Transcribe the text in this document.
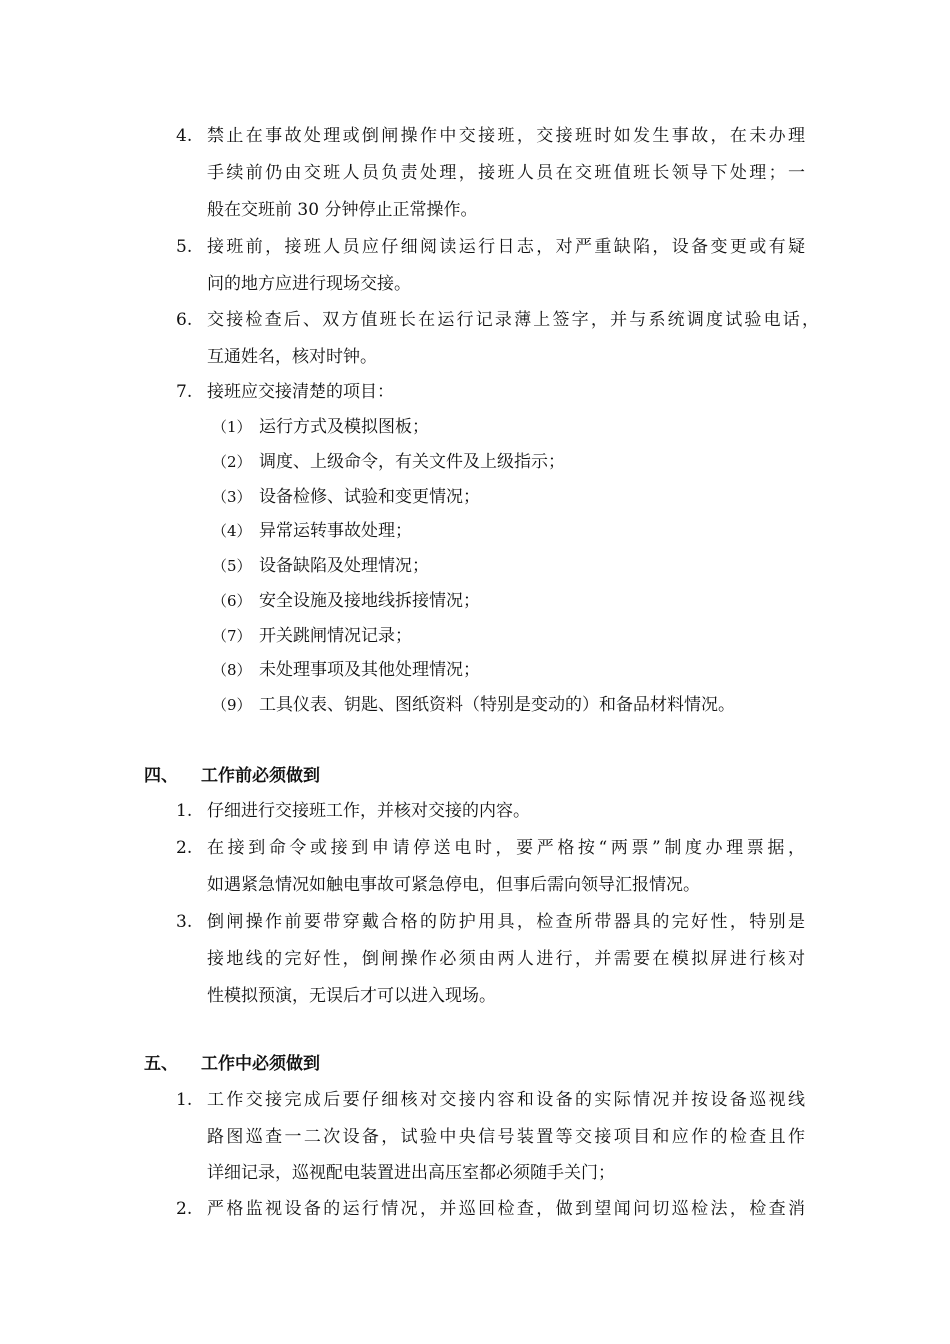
4. 禁止在事故处理或倒闸操作中交接班，交接班时如发生事故，在未办理
手续前仍由交班人员负责处理，接班人员在交班值班长领导下处理；一
般在交班前 30 分钟停止正常操作。
5. 接班前，接班人员应仔细阅读运行日志，对严重缺陷，设备变更或有疑
问的地方应进行现场交接。
6. 交接检查后、双方值班长在运行记录薄上签字，并与系统调度试验电话，
互通姓名，核对时钟。
7. 接班应交接清楚的项目：
（1） 运行方式及模拟图板；
（2） 调度、上级命令，有关文件及上级指示；
（3） 设备检修、试验和变更情况；
（4） 异常运转事故处理；
（5） 设备缺陷及处理情况；
（6） 安全设施及接地线拆接情况；
（7） 开关跳闸情况记录；
（8） 未处理事项及其他处理情况；
（9） 工具仪表、钥匙、图纸资料（特别是变动的）和备品材料情况。
四、 工作前必须做到
1. 仔细进行交接班工作，并核对交接的内容。
2. 在接到命令或接到申请停送电时，要严格按“两票”制度办理票据，
如遇紧急情况如触电事故可紧急停电，但事后需向领导汇报情况。
3. 倒闸操作前要带穿戴合格的防护用具，检查所带器具的完好性，特别是
接地线的完好性，倒闸操作必须由两人进行，并需要在模拟屏进行核对
性模拟预演，无误后才可以进入现场。
五、 工作中必须做到
1. 工作交接完成后要仔细核对交接内容和设备的实际情况并按设备巡视线
路图巡查一二次设备，试验中央信号装置等交接项目和应作的检查且作
详细记录，巡视配电装置进出高压室都必须随手关门；
2. 严格监视设备的运行情况，并巡回检查，做到望闻问切巡检法，检查消
